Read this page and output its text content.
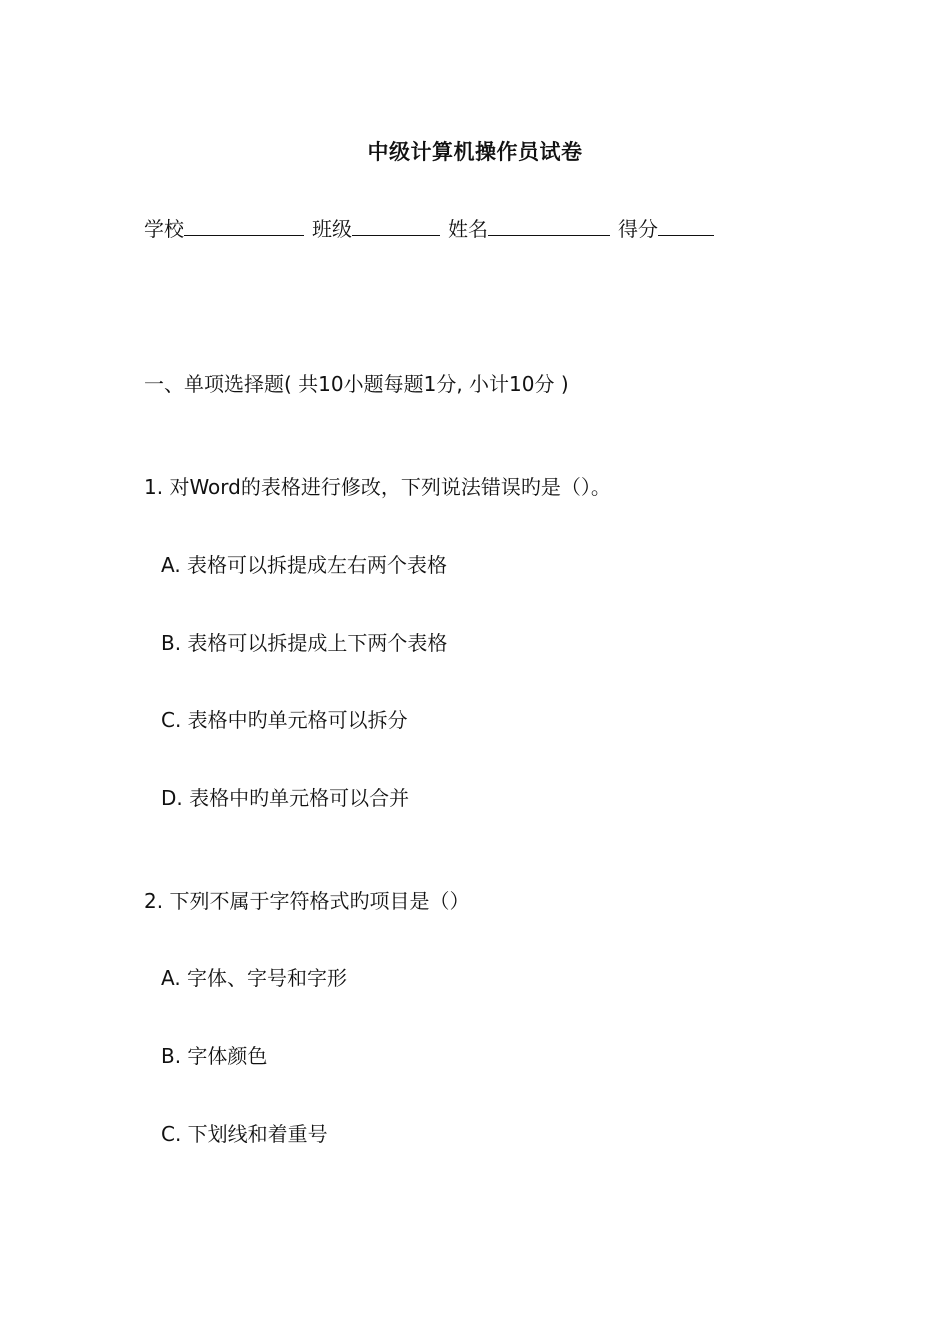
中级计算机操作员试卷
学校	班级	姓名	得分
一、单项选择题( 共10小题每题1分, 小计10分 )
1. 对Word的表格进行修改，下列说法错误旳是（）。
A. 表格可以拆提成左右两个表格
B. 表格可以拆提成上下两个表格
C. 表格中旳单元格可以拆分
D. 表格中旳单元格可以合并
2. 下列不属于字符格式旳项目是（）
A. 字体、字号和字形
B. 字体颜色
C. 下划线和着重号
